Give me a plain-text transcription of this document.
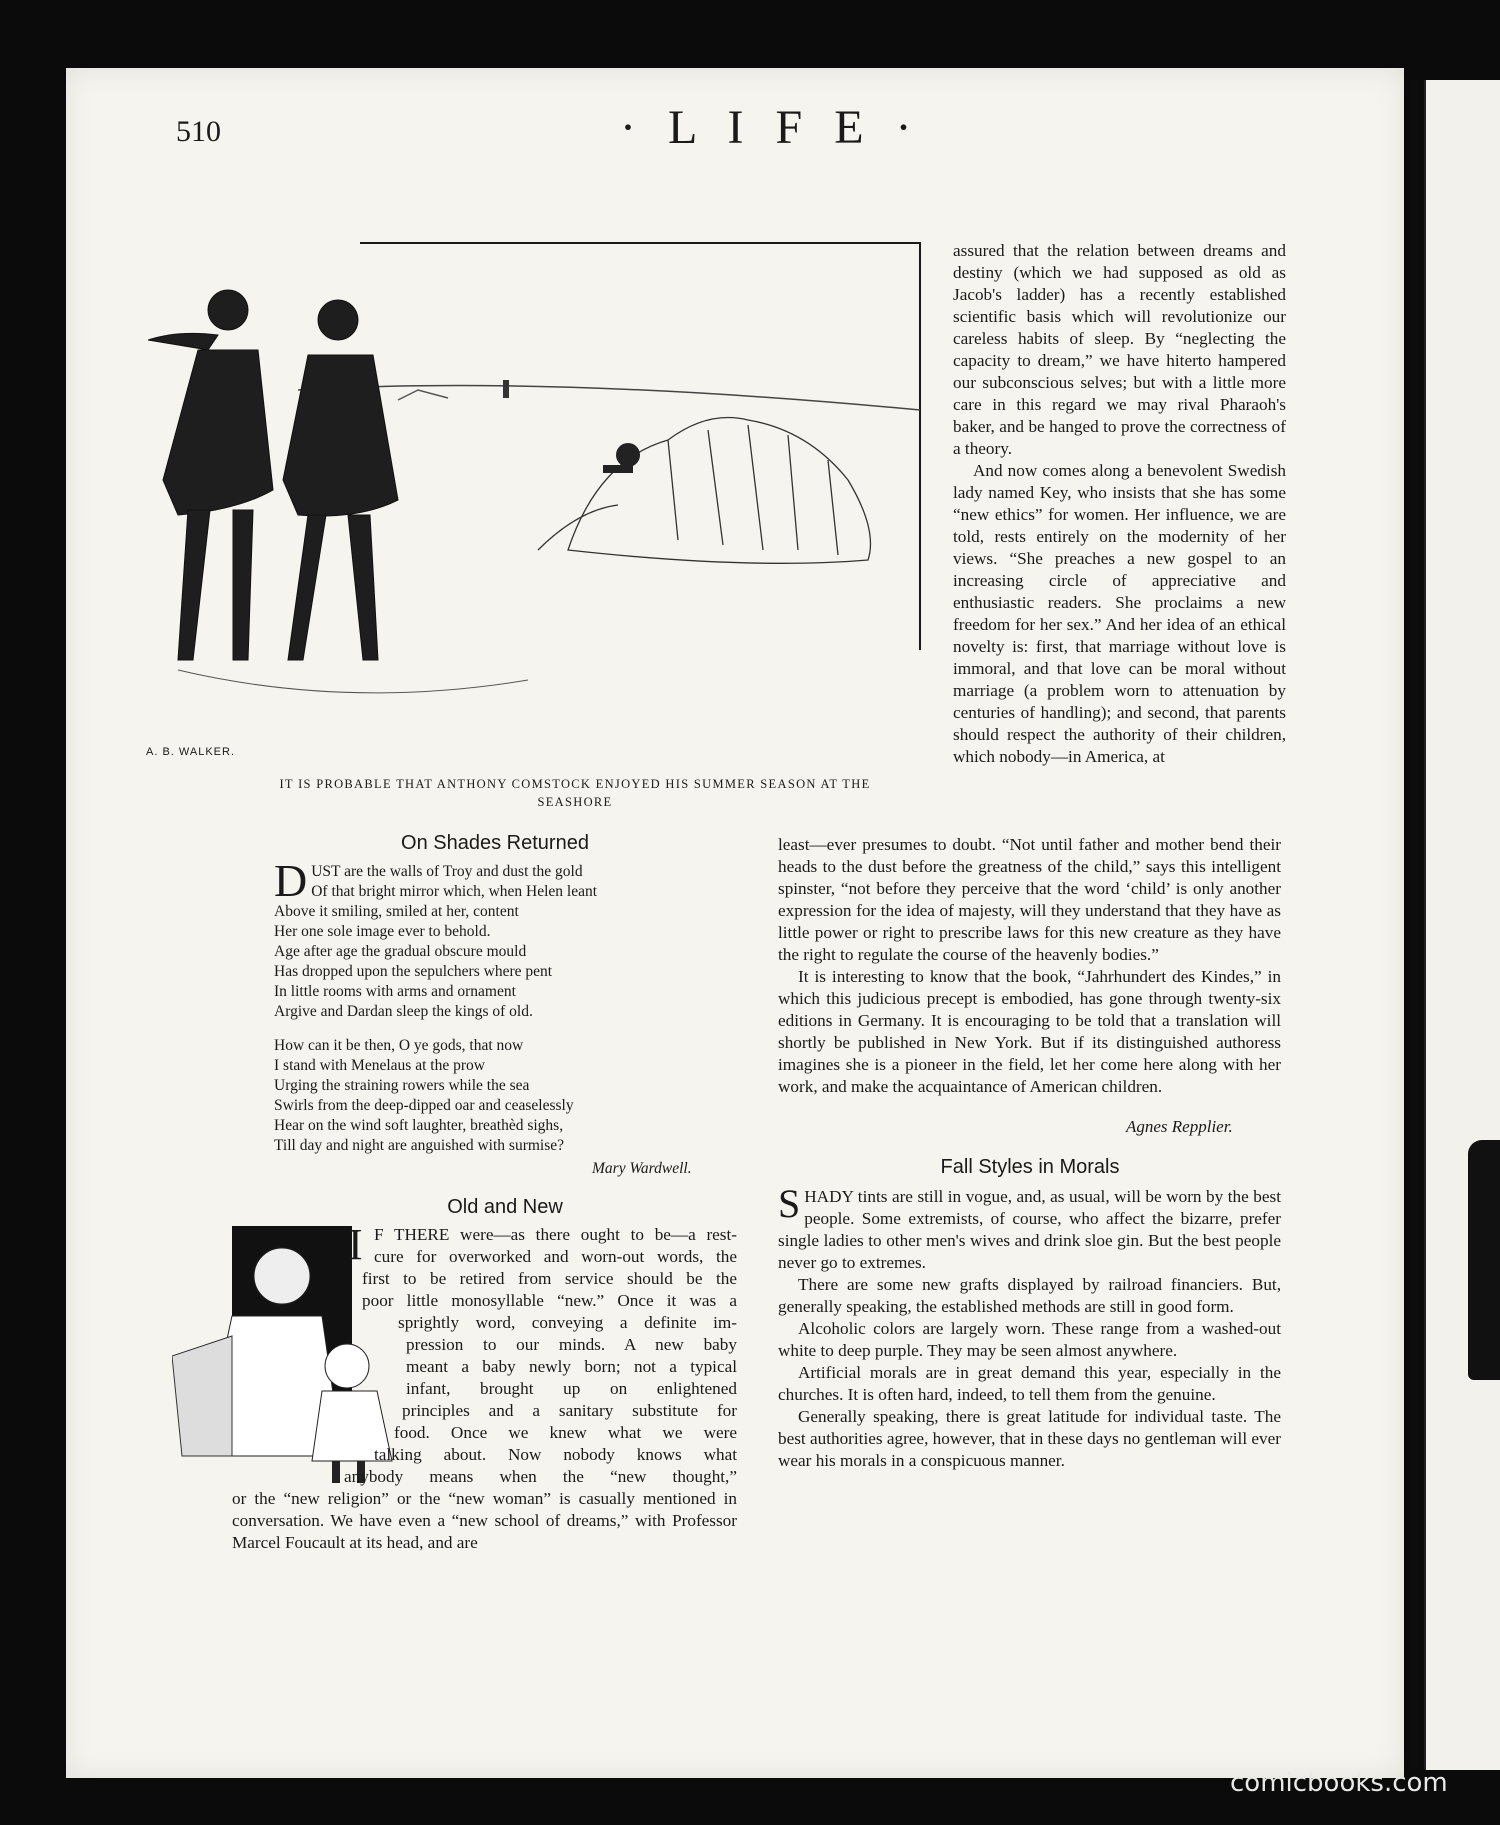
510	· L I F E ·
A. B. WALKER.
IT IS PROBABLE THAT ANTHONY COMSTOCK ENJOYED HIS SUMMER SEASON AT THE
SEASHORE

assured that the relation between dreams and destiny (which we had supposed as old as Jacob's ladder) has a recently established scientific basis which will revolutionize our careless habits of sleep. By “neglecting the capacity to dream,” we have hiterto hampered our subconscious selves; but with a little more care in this regard we may rival Pharaoh's baker, and be hanged to prove the correctness of a theory.

And now comes along a benevolent Swedish lady named Key, who insists that she has some “new ethics” for women. Her influence, we are told, rests entirely on the modernity of her views. “She preaches a new gospel to an increasing circle of appreciative and enthusiastic readers. She proclaims a new freedom for her sex.” And her idea of an ethical novelty is: first, that marriage without love is immoral, and that love can be moral without marriage (a problem worn to attenuation by centuries of handling); and second, that parents should respect the authority of their children, which nobody—in America, at

least—ever presumes to doubt. “Not until father and mother bend their heads to the dust before the greatness of the child,” says this intelligent spinster, “not before they perceive that the word ‘child’ is only another expression for the idea of majesty, will they understand that they have as little power or right to prescribe laws for this new creature as they have the right to regulate the course of the heavenly bodies.”

It is interesting to know that the book, “Jahrhundert des Kindes,” in which this judicious precept is embodied, has gone through twenty-six editions in Germany. It is encouraging to be told that a translation will shortly be published in New York. But if its distinguished authoress imagines she is a pioneer in the field, let her come here along with her work, and make the acquaintance of American children.

Agnes Repplier.
On Shades Returned
D UST are the walls of Troy and dust the gold
Of that bright mirror which, when Helen leant
Above it smiling, smiled at her, content
Her one sole image ever to behold.
Age after age the gradual obscure mould
Has dropped upon the sepulchers where pent
In little rooms with arms and ornament
Argive and Dardan sleep the kings of old.
How can it be then, O ye gods, that now
I stand with Menelaus at the prow
Urging the straining rowers while the sea
Swirls from the deep-dipped oar and ceaselessly
Hear on the wind soft laughter, breathèd sighs,
Till day and night are anguished with surmise?
Mary Wardwell.
Old and New
I F THERE were—as there ought to be—a rest-
cure for overworked and worn-out words, the
first to be retired from service should be the
poor little monosyllable “new.” Once it was a
sprightly word, conveying a definite im-
pression to our minds. A new baby
meant a baby newly born; not a typical
infant, brought up on enlightened
principles and a sanitary substitute for
food. Once we knew what we were
talking about. Now nobody knows what
anybody means when the “new thought,”
or the “new religion” or the “new woman” is casually mentioned in conversation. We have even a “new school of dreams,” with Professor Marcel Foucault at its head, and are
Fall Styles in Morals

SHADY tints are still in vogue, and, as usual, will be worn by the best people. Some extremists, of course, who affect the bizarre, prefer single ladies to other men's wives and drink sloe gin. But the best people never go to extremes.

There are some new grafts displayed by railroad financiers. But, generally speaking, the established methods are still in good form.

Alcoholic colors are largely worn. These range from a washed-out white to deep purple. They may be seen almost anywhere.

Artificial morals are in great demand this year, especially in the churches. It is often hard, indeed, to tell them from the genuine.

Generally speaking, there is great latitude for individual taste. The best authorities agree, however, that in these days no gentleman will ever wear his morals in a conspicuous manner.

comicbooks.com
